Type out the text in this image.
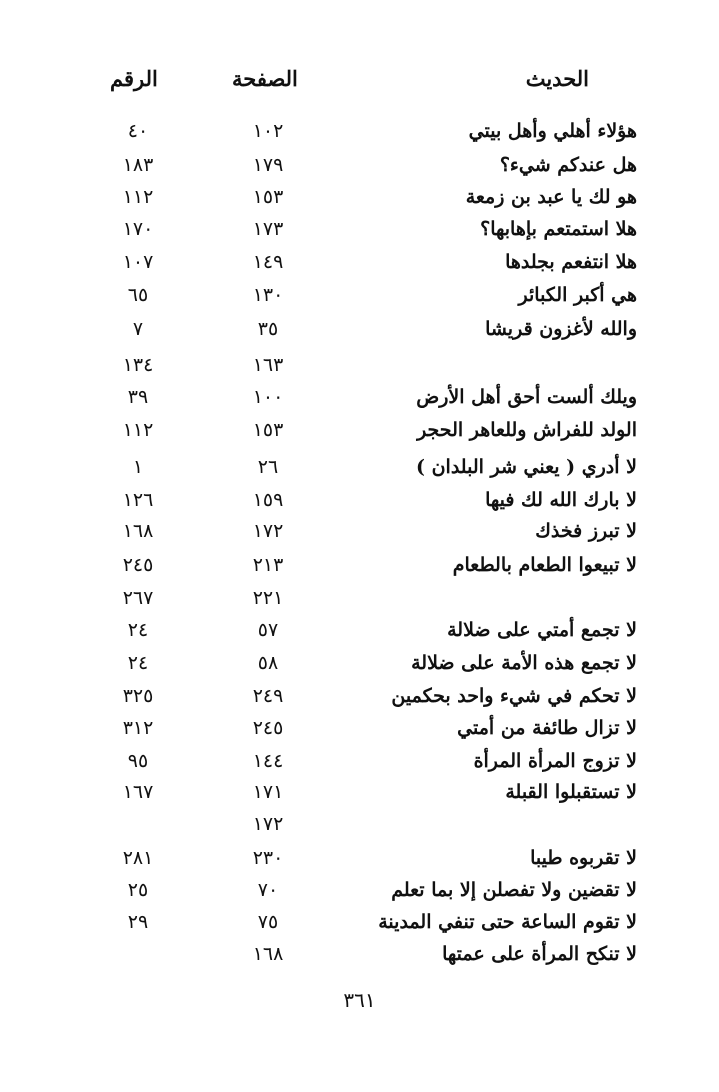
الحديث
الصفحة
الرقم
هؤلاء أهلي وأهل بيتي
١٠٢
٤٠
هل عندكم شيء؟
١٧٩
١٨٣
هو لك يا عبد بن زمعة
١٥٣
١١٢
هلا استمتعم بإهابها؟
١٧٣
١٧٠
هلا انتفعم بجلدها
١٤٩
١٠٧
هي أكبر الكبائر
١٣٠
٦٥
والله لأغزون قريشا
٣٥
٧
١٦٣
١٣٤
ويلك ألست أحق أهل الأرض
١٠٠
٣٩
الولد للفراش وللعاهر الحجر
١٥٣
١١٢
لا أدري ( يعني شر البلدان )
٢٦
١
لا بارك الله لك فيها
١٥٩
١٢٦
لا تبرز فخذك
١٧٢
١٦٨
لا تبيعوا الطعام بالطعام
٢١٣
٢٤٥
٢٢١
٢٦٧
لا تجمع أمتي على ضلالة
٥٧
٢٤
لا تجمع هذه الأمة على ضلالة
٥٨
٢٤
لا تحكم في شيء واحد بحكمين
٢٤٩
٣٢٥
لا تزال طائفة من أمتي
٢٤٥
٣١٢
لا تزوج المرأة المرأة
١٤٤
٩٥
لا تستقبلوا القبلة
١٧١
١٦٧
١٧٢
لا تقربوه طيبا
٢٣٠
٢٨١
لا تقضين ولا تفصلن إلا بما تعلم
٧٠
٢٥
لا تقوم الساعة حتى تنفي المدينة
٧٥
٢٩
لا تنكح المرأة على عمتها
١٦٨
٣٦١
